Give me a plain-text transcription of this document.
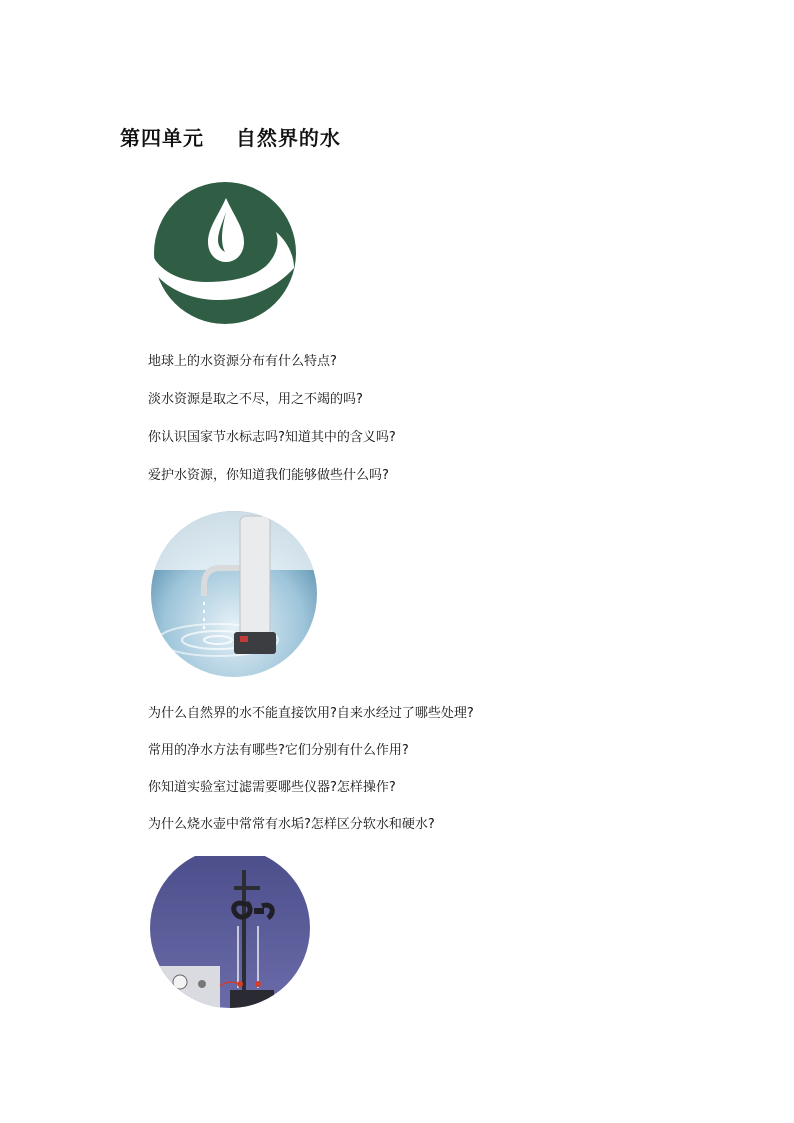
第四单元    自然界的水
地球上的水资源分布有什么特点?
淡水资源是取之不尽，用之不竭的吗?
你认识国家节水标志吗?知道其中的含义吗?
爱护水资源，你知道我们能够做些什么吗?
为什么自然界的水不能直接饮用?自来水经过了哪些处理?
常用的净水方法有哪些?它们分别有什么作用?
你知道实验室过滤需要哪些仪器?怎样操作?
为什么烧水壶中常常有水垢?怎样区分软水和硬水?
